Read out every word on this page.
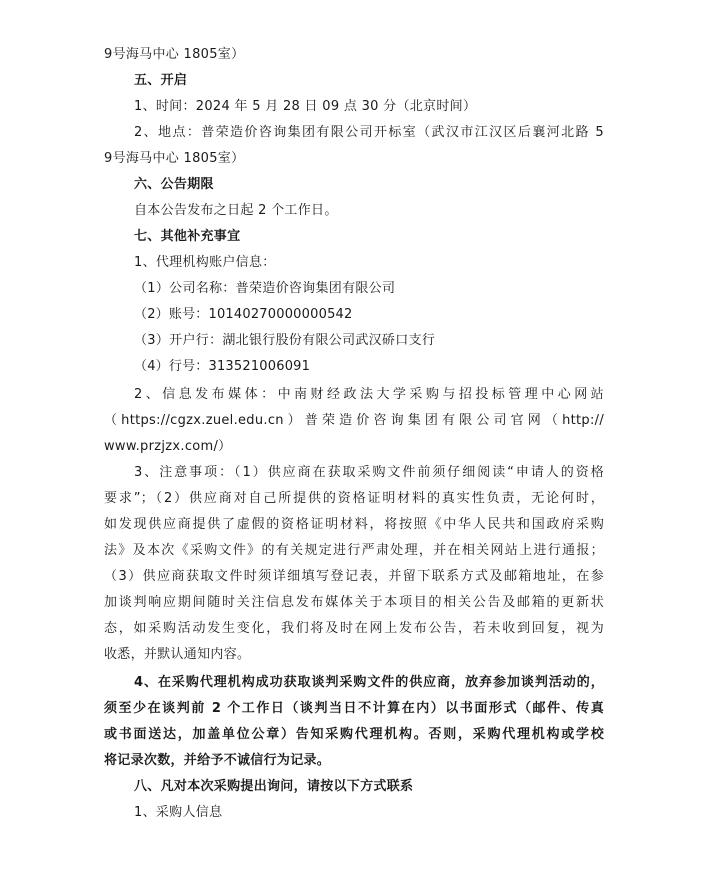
9号海马中心 1805室）
五、开启
1、时间：2024 年 5 月 28 日 09 点 30 分（北京时间）
2、地点：普荣造价咨询集团有限公司开标室（武汉市江汉区后襄河北路 5
9号海马中心 1805室）
六、公告期限
自本公告发布之日起 2 个工作日。
七、其他补充事宜
1、代理机构账户信息：
（1）公司名称：普荣造价咨询集团有限公司
（2）账号：10140270000000542
（3）开户行：湖北银行股份有限公司武汉硚口支行
（4）行号：313521006091
2、信息发布媒体：中南财经政法大学采购与招投标管理中心网站
（https://cgzx.zuel.edu.cn）普荣造价咨询集团有限公司官网（http://
www.przjzx.com/）
3、注意事项：（1）供应商在获取采购文件前须仔细阅读“申请人的资格
要求”；（2）供应商对自己所提供的资格证明材料的真实性负责，无论何时，
如发现供应商提供了虚假的资格证明材料，将按照《中华人民共和国政府采购
法》及本次《采购文件》的有关规定进行严肃处理，并在相关网站上进行通报；
（3）供应商获取文件时须详细填写登记表，并留下联系方式及邮箱地址，在参
加谈判响应期间随时关注信息发布媒体关于本项目的相关公告及邮箱的更新状
态，如采购活动发生变化，我们将及时在网上发布公告，若未收到回复，视为
收悉，并默认通知内容。
4、在采购代理机构成功获取谈判采购文件的供应商，放弃参加谈判活动的，
须至少在谈判前 2 个工作日（谈判当日不计算在内）以书面形式（邮件、传真
或书面送达，加盖单位公章）告知采购代理机构。否则，采购代理机构或学校
将记录次数，并给予不诚信行为记录。
八、凡对本次采购提出询问，请按以下方式联系
1、采购人信息
